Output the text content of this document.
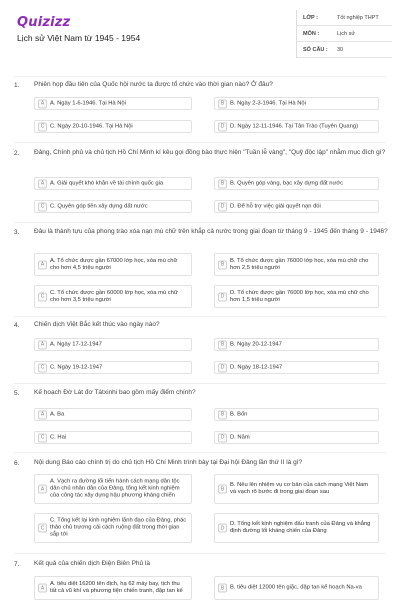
Quizizz
Lịch sử Việt Nam từ 1945 - 1954
LỚP :	Tốt nghiệp THPT
MÔN :	Lịch sử
SỐ CÂU :	30
1. Phiên họp đầu tiên của Quốc hội nước ta được tổ chức vào thời gian nào? Ở đâu?
A	A. Ngày 1-6-1946. Tại Hà Nội	B	B. Ngày 2-3-1946. Tại Hà Nội
C C. Ngày 20-10-1946. Tại Hà Nội	D D. Ngày 12-11-1946. Tại Tân Trào (Tuyên Quang)
2. Đảng, Chính phủ và chủ tịch Hồ Chí Minh kí kêu gọi đồng bào thực hiện "Tuần lễ vàng", "Quỹ độc lập" nhằm mục đích gì?
A	A. Giải quyết khó khăn về tài chính quốc gia	B	B. Quyên góp vàng, bạc xây dựng đất nước
C C. Quyên góp tiền xây dựng đất nước	D D. Để hỗ trợ việc giải quyết nạn đói
3. Đâu là thành tựu của phong trào xóa nạn mù chữ trên khắp cả nước trong giai đoạn từ tháng 9 - 1945 đến tháng 9 - 1946?
A
A. Tổ chức được gần 67000 lớp học, xóa mù chữ cho hơn 4,5 triệu người	B
B. Tổ chức được gần 76000 lớp học, xóa mù chữ cho hơn 2,5 triệu người
C
C. Tổ chức được gần 60000 lớp học, xóa mù chữ cho hơn 3,5 triệu người	D
D. Tổ chức được gần 76000 lớp học, xóa mù chữ cho hơn 1,5 triệu người
4. Chiến dịch Việt Bắc kết thúc vào ngày nào?
A	A. Ngày 17-12-1947	B	B. Ngày 20-12-1947
C C. Ngày 19-12-1947	D D. Ngày 18-12-1947
5. Kế hoạch Đờ Lát đơ Tátxinhi bao gồm mấy điểm chính?
A	A. Ba	B	B. Bốn
C C. Hai	D D. Năm
6. Nội dung Báo cáo chính trị do chủ tịch Hồ Chí Minh trình bày tại Đại hội Đảng lần thứ II là gì?
A
A. Vạch ra đường lối tiến hành cách mạng dân tộc dân chủ nhân dân của Đảng, tổng kết kinh nghiệm của công tác xây dựng hậu phương kháng chiến
B
B. Nêu lên nhiệm vụ cơ bản của cách mạng Việt Nam và vạch rõ bước đi trong giai đoạn sau
C
C. Tổng kết lại kinh nghiệm lãnh đạo của Đảng, phác thảo chủ trương cải cách ruộng đất trong thời gian sắp tới
D
D. Tổng kết kinh nghiệm đấu tranh của Đảng và khẳng định đường lối kháng chiến của Đảng
7. Kết quả của chiến dịch Điện Biên Phủ là
A
A. tiêu diệt 16200 tên địch, hạ 62 máy bay, tịch thu tất cả vũ khí và phương tiện chiến tranh, đập tan kế	B	B. tiêu diệt 12000 tên giặc, đập tan kế hoạch Na-va
